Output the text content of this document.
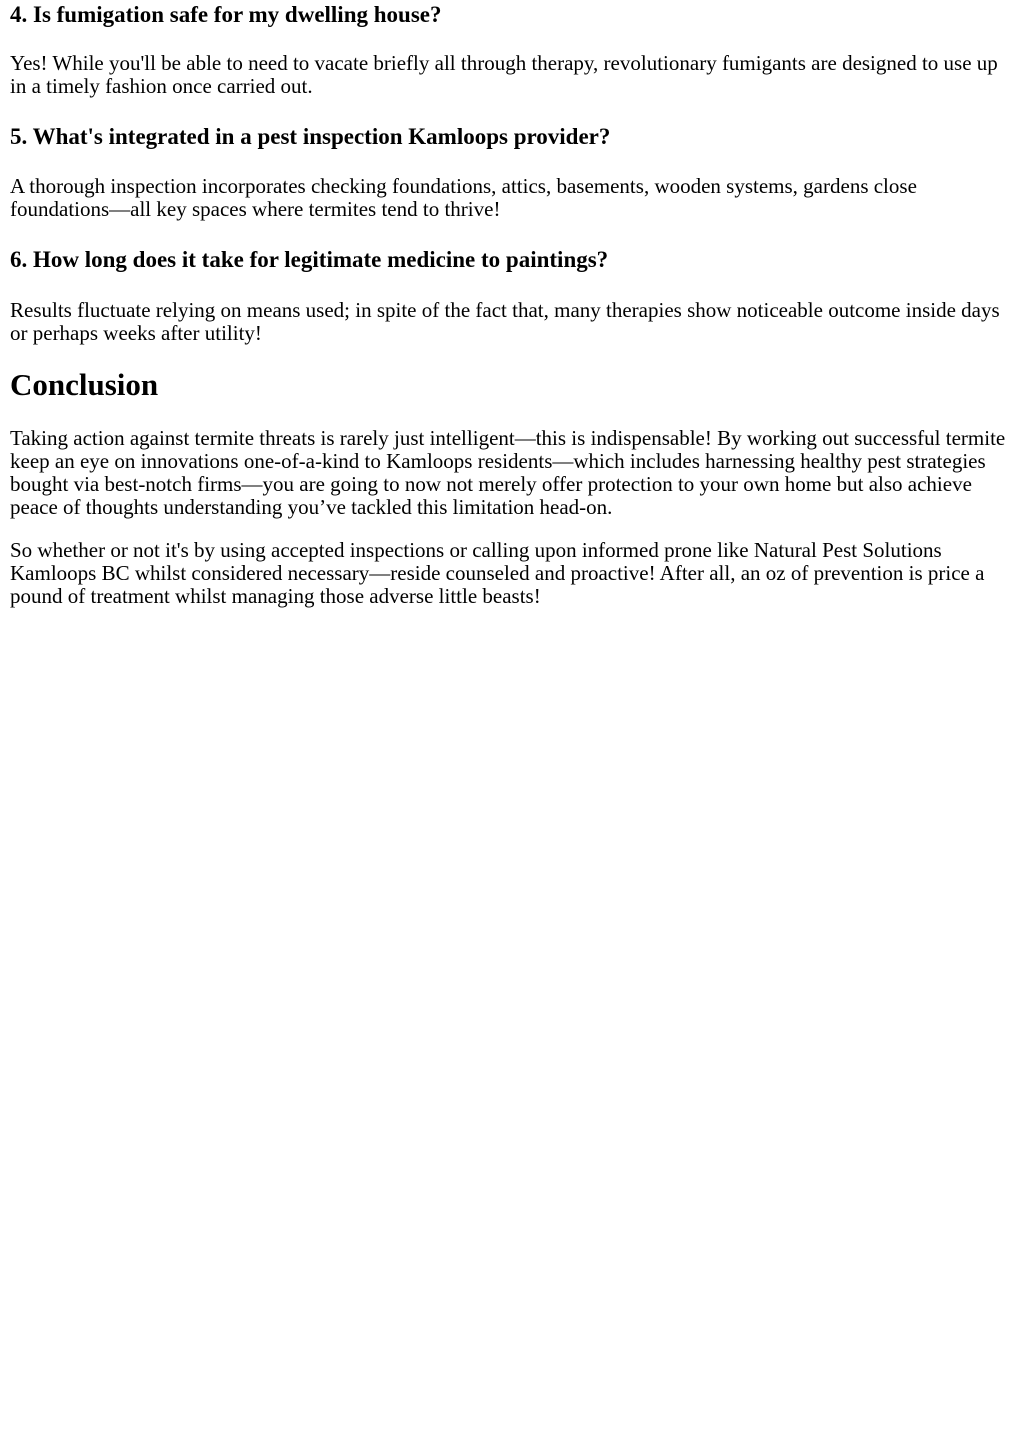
4. Is fumigation safe for my dwelling house?

Yes! While you'll be able to need to vacate briefly all through therapy, revolutionary fumigants are designed to use up in a timely fashion once carried out.

5. What's integrated in a pest inspection Kamloops provider?

A thorough inspection incorporates checking foundations, attics, basements, wooden systems, gardens close foundations—all key spaces where termites tend to thrive!

6. How long does it take for legitimate medicine to paintings?

Results fluctuate relying on means used; in spite of the fact that, many therapies show noticeable outcome inside days or perhaps weeks after utility!

Conclusion

Taking action against termite threats is rarely just intelligent—this is indispensable! By working out successful termite keep an eye on innovations one-of-a-kind to Kamloops residents—which includes harnessing healthy pest strategies bought via best-notch firms—you are going to now not merely offer protection to your own home but also achieve peace of thoughts understanding you’ve tackled this limitation head-on.

So whether or not it's by using accepted inspections or calling upon informed prone like Natural Pest Solutions Kamloops BC whilst considered necessary—reside counseled and proactive! After all, an oz of prevention is price a pound of treatment whilst managing those adverse little beasts!
